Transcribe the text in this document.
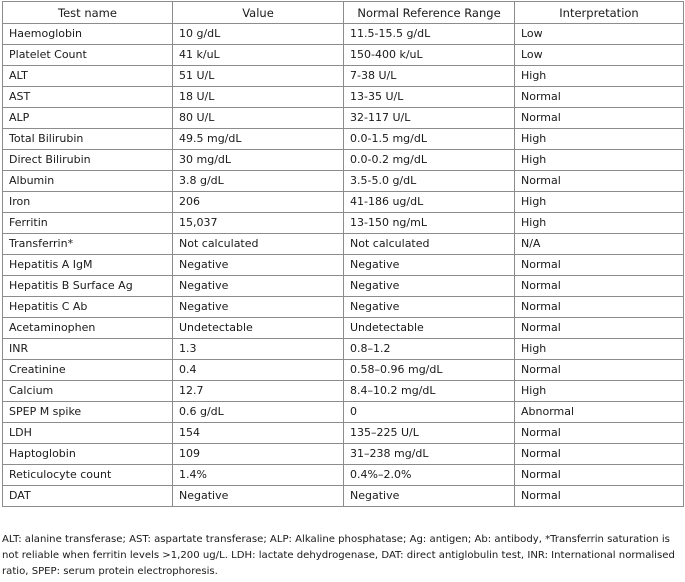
Test name	Value	Normal Reference Range	Interpretation
Haemoglobin	10 g/dL	11.5-15.5 g/dL	Low
Platelet Count	41 k/uL	150-400 k/uL	Low
ALT	51 U/L	7-38 U/L	High
AST	18 U/L	13-35 U/L	Normal
ALP	80 U/L	32-117 U/L	Normal
Total Bilirubin	49.5 mg/dL	0.0-1.5 mg/dL	High
Direct Bilirubin	30 mg/dL	0.0-0.2 mg/dL	High
Albumin	3.8 g/dL	3.5-5.0 g/dL	Normal
Iron	206	41-186 ug/dL	High
Ferritin	15,037	13-150 ng/mL	High
Transferrin*	Not calculated	Not calculated	N/A
Hepatitis A IgM	Negative	Negative	Normal
Hepatitis B Surface Ag	Negative	Negative	Normal
Hepatitis C Ab	Negative	Negative	Normal
Acetaminophen	Undetectable	Undetectable	Normal
INR	1.3	0.8–1.2	High
Creatinine	0.4	0.58–0.96 mg/dL	Normal
Calcium	12.7	8.4–10.2 mg/dL	High
SPEP M spike	0.6 g/dL	0	Abnormal
LDH	154	135–225 U/L	Normal
Haptoglobin	109	31–238 mg/dL	Normal
Reticulocyte count	1.4%	0.4%–2.0%	Normal
DAT	Negative	Negative	Normal
ALT: alanine transferase; AST: aspartate transferase; ALP: Alkaline phosphatase; Ag: antigen; Ab: antibody, *Transferrin saturation is not reliable when ferritin levels >1,200 ug/L. LDH: lactate dehydrogenase, DAT: direct antiglobulin test, INR: International normalised ratio, SPEP: serum protein electrophoresis.
